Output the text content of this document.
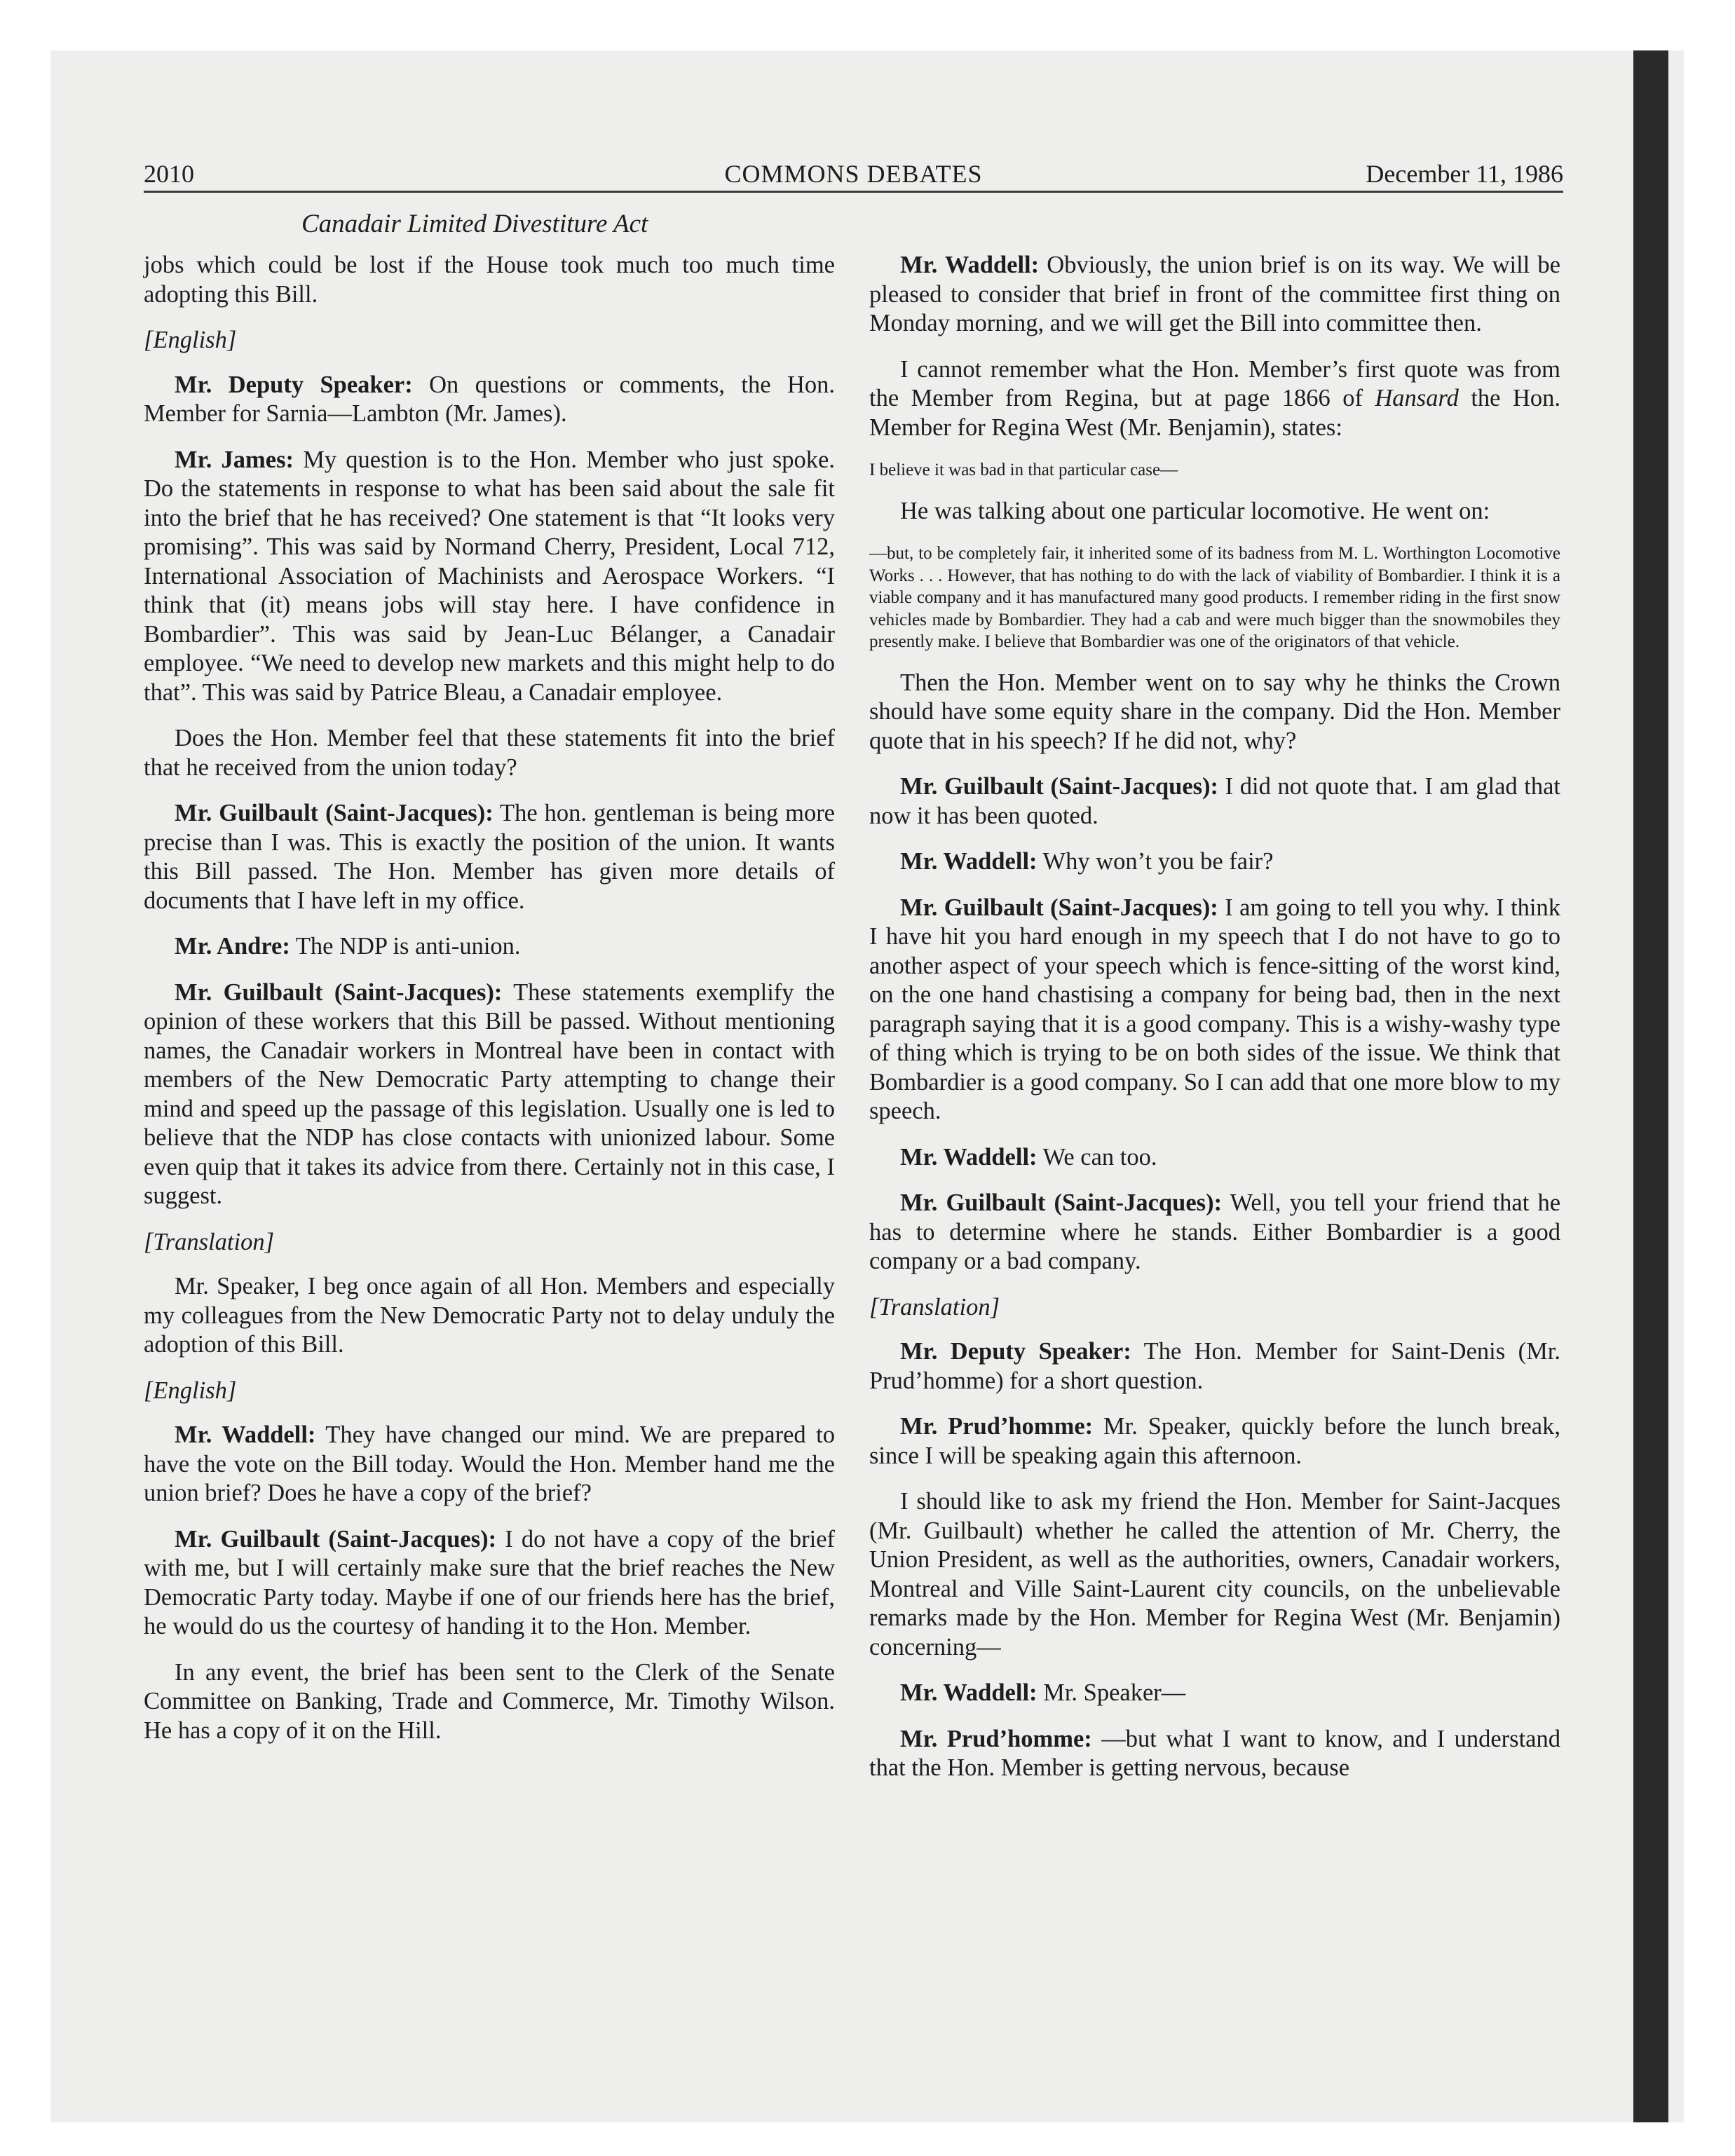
2010	COMMONS DEBATES	December 11, 1986
Canadair Limited Divestiture Act

jobs which could be lost if the House took much too much time adopting this Bill.

[English]

Mr. Deputy Speaker: On questions or comments, the Hon. Member for Sarnia—Lambton (Mr. James).

Mr. James: My question is to the Hon. Member who just spoke. Do the statements in response to what has been said about the sale fit into the brief that he has received? One statement is that “It looks very promising”. This was said by Normand Cherry, President, Local 712, International Association of Machinists and Aerospace Workers. “I think that (it) means jobs will stay here. I have confidence in Bombardier”. This was said by Jean-Luc Bélanger, a Canadair employee. “We need to develop new markets and this might help to do that”. This was said by Patrice Bleau, a Canadair employee.

Does the Hon. Member feel that these statements fit into the brief that he received from the union today?

Mr. Guilbault (Saint-Jacques): The hon. gentleman is being more precise than I was. This is exactly the position of the union. It wants this Bill passed. The Hon. Member has given more details of documents that I have left in my office.

Mr. Andre: The NDP is anti-union.

Mr. Guilbault (Saint-Jacques): These statements exemplify the opinion of these workers that this Bill be passed. Without mentioning names, the Canadair workers in Montreal have been in contact with members of the New Democratic Party attempting to change their mind and speed up the passage of this legislation. Usually one is led to believe that the NDP has close contacts with unionized labour. Some even quip that it takes its advice from there. Certainly not in this case, I suggest.

[Translation]

Mr. Speaker, I beg once again of all Hon. Members and especially my colleagues from the New Democratic Party not to delay unduly the adoption of this Bill.

[English]

Mr. Waddell: They have changed our mind. We are prepared to have the vote on the Bill today. Would the Hon. Member hand me the union brief? Does he have a copy of the brief?

Mr. Guilbault (Saint-Jacques): I do not have a copy of the brief with me, but I will certainly make sure that the brief reaches the New Democratic Party today. Maybe if one of our friends here has the brief, he would do us the courtesy of handing it to the Hon. Member.

In any event, the brief has been sent to the Clerk of the Senate Committee on Banking, Trade and Commerce, Mr. Timothy Wilson. He has a copy of it on the Hill.

Mr. Waddell: Obviously, the union brief is on its way. We will be pleased to consider that brief in front of the committee first thing on Monday morning, and we will get the Bill into committee then.

I cannot remember what the Hon. Member’s first quote was from the Member from Regina, but at page 1866 of Hansard the Hon. Member for Regina West (Mr. Benjamin), states:

I believe it was bad in that particular case—

He was talking about one particular locomotive. He went on:

—but, to be completely fair, it inherited some of its badness from M. L. Worthington Locomotive Works . . . However, that has nothing to do with the lack of viability of Bombardier. I think it is a viable company and it has manufactured many good products. I remember riding in the first snow vehicles made by Bombardier. They had a cab and were much bigger than the snowmobiles they presently make. I believe that Bombardier was one of the originators of that vehicle.

Then the Hon. Member went on to say why he thinks the Crown should have some equity share in the company. Did the Hon. Member quote that in his speech? If he did not, why?

Mr. Guilbault (Saint-Jacques): I did not quote that. I am glad that now it has been quoted.

Mr. Waddell: Why won’t you be fair?

Mr. Guilbault (Saint-Jacques): I am going to tell you why. I think I have hit you hard enough in my speech that I do not have to go to another aspect of your speech which is fence-sitting of the worst kind, on the one hand chastising a company for being bad, then in the next paragraph saying that it is a good company. This is a wishy-washy type of thing which is trying to be on both sides of the issue. We think that Bombardier is a good company. So I can add that one more blow to my speech.

Mr. Waddell: We can too.

Mr. Guilbault (Saint-Jacques): Well, you tell your friend that he has to determine where he stands. Either Bombardier is a good company or a bad company.

[Translation]

Mr. Deputy Speaker: The Hon. Member for Saint-Denis (Mr. Prud’homme) for a short question.

Mr. Prud’homme: Mr. Speaker, quickly before the lunch break, since I will be speaking again this afternoon.

I should like to ask my friend the Hon. Member for Saint-Jacques (Mr. Guilbault) whether he called the attention of Mr. Cherry, the Union President, as well as the authorities, owners, Canadair workers, Montreal and Ville Saint-Laurent city councils, on the unbelievable remarks made by the Hon. Member for Regina West (Mr. Benjamin) concerning—

Mr. Waddell: Mr. Speaker—

Mr. Prud’homme: —but what I want to know, and I understand that the Hon. Member is getting nervous, because
